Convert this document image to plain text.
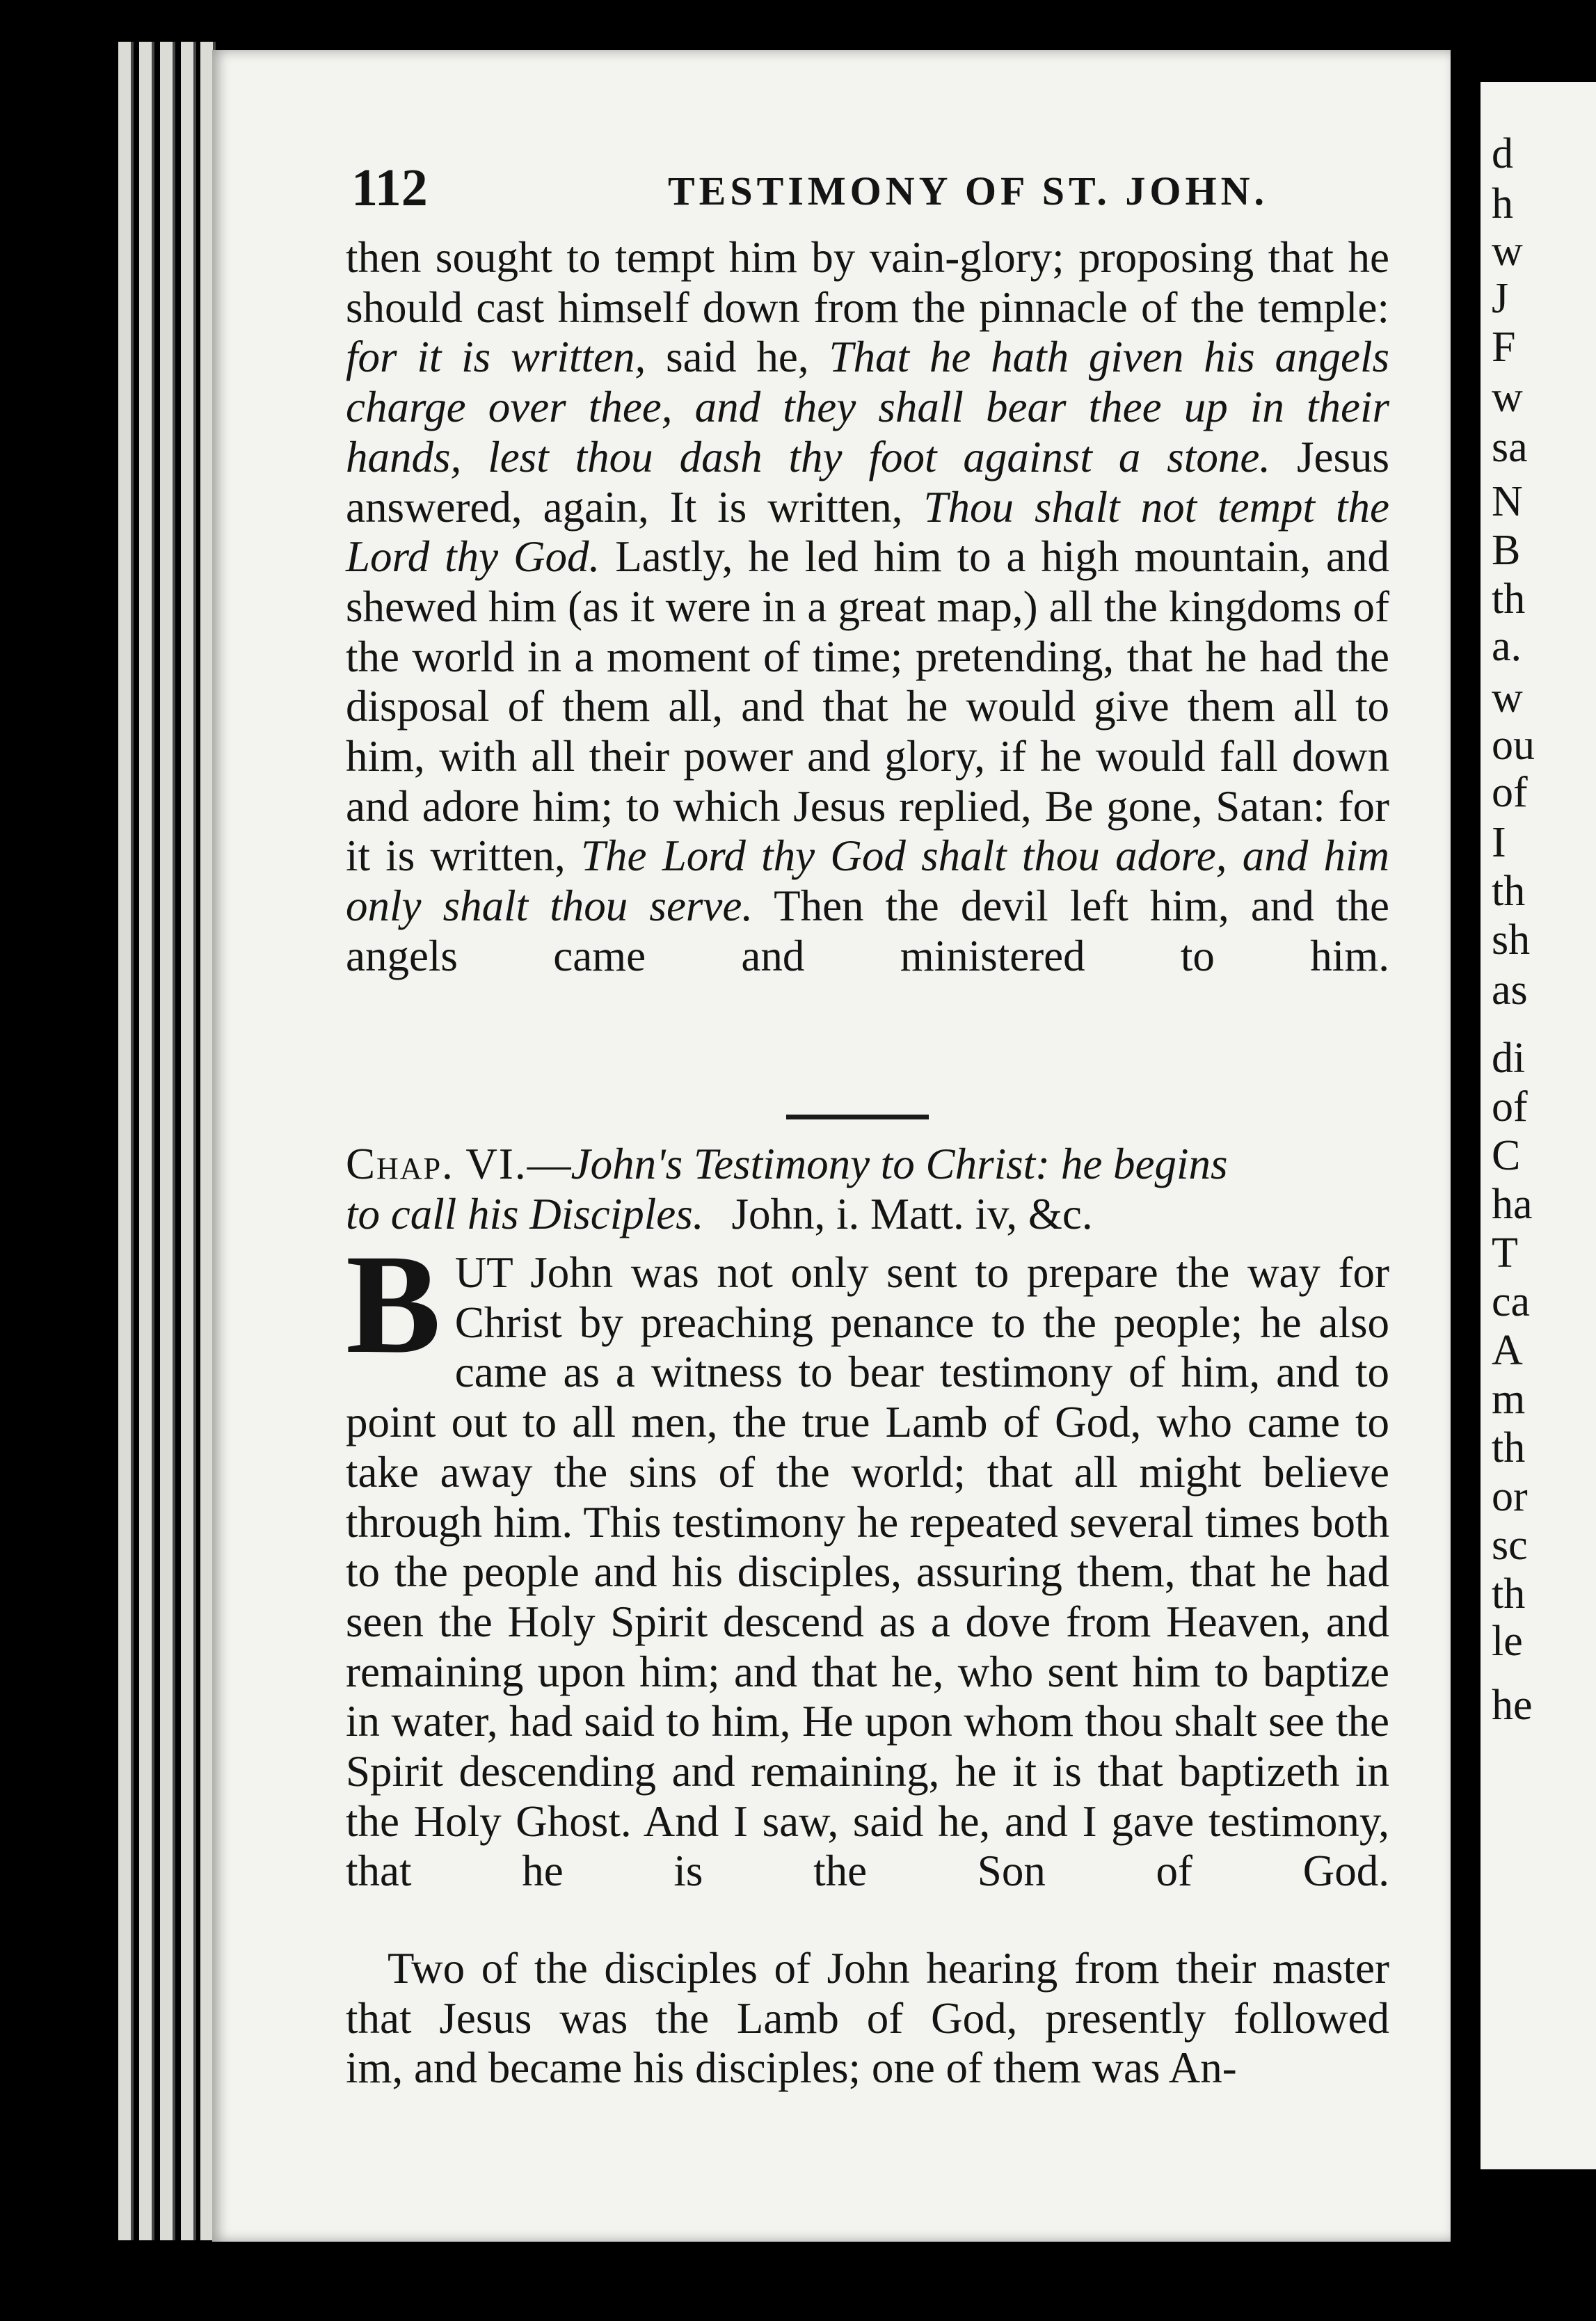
112	TESTIMONY OF ST. JOHN.

then sought to tempt him by vain-glory; proposing that he should cast himself down from the pinnacle of the temple: for it is written, said he, That he hath given his angels charge over thee, and they shall bear thee up in their hands, lest thou dash thy foot against a stone. Jesus answered, again, It is written, Thou shalt not tempt the Lord thy God. Lastly, he led him to a high mountain, and shewed him (as it were in a great map,) all the kingdoms of the world in a moment of time; pretending, that he had the disposal of them all, and that he would give them all to him, with all their power and glory, if he would fall down and adore him; to which Jesus replied, Be gone, Satan: for it is written, The Lord thy God shalt thou adore, and him only shalt thou serve. Then the devil left him, and the angels came and ministered to him.

Chap. VI.—John's Testimony to Christ: he begins
to call his Disciples. John, i. Matt. iv, &c.

BUT John was not only sent to prepare the way for Christ by preaching penance to the people; he also came as a witness to bear testimony of him, and to point out to all men, the true Lamb of God, who came to take away the sins of the world; that all might believe through him. This testimony he repeated several times both to the people and his disciples, assuring them, that he had seen the Holy Spirit descend as a dove from Heaven, and remaining upon him; and that he, who sent him to baptize in water, had said to him, He upon whom thou shalt see the Spirit descending and remaining, he it is that baptizeth in the Holy Ghost. And I saw, said he, and I gave testimony, that he is the Son of God.

Two of the disciples of John hearing from their master that Jesus was the Lamb of God, presently followed
im, and became his disciples; one of them was An-

d
h
w
J
F
w
sa
N
B
th
a.
w
ou
of
I
th
sh
as
di
of
C
ha
T
ca
A
m
th
or
sc
th
le
he
